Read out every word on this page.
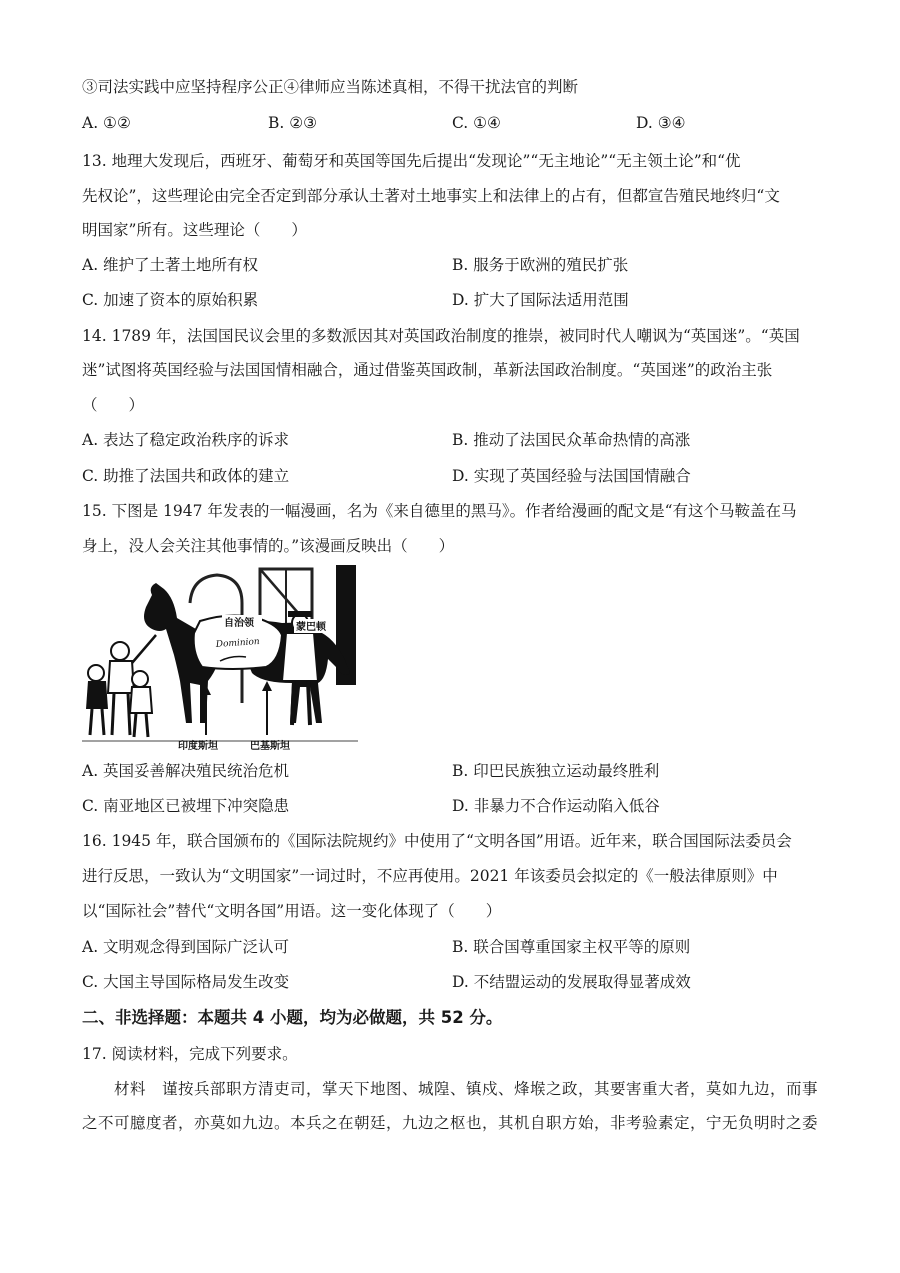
③司法实践中应坚持程序公正④律师应当陈述真相，不得干扰法官的判断
A. ①②	B. ②③	C. ①④	D. ③④
13. 地理大发现后，西班牙、葡萄牙和英国等国先后提出“发现论”“无主地论”“无主领土论”和“优
先权论”，这些理论由完全否定到部分承认土著对土地事实上和法律上的占有，但都宣告殖民地终归“文
明国家”所有。这些理论（　　）
A. 维护了土著土地所有权	B. 服务于欧洲的殖民扩张
C. 加速了资本的原始积累	D. 扩大了国际法适用范围
14. 1789 年，法国国民议会里的多数派因其对英国政治制度的推崇，被同时代人嘲讽为“英国迷”。“英国
迷”试图将英国经验与法国国情相融合，通过借鉴英国政制，革新法国政治制度。“英国迷”的政治主张
（　　）
A. 表达了稳定政治秩序的诉求	B. 推动了法国民众革命热情的高涨
C. 助推了法国共和政体的建立	D. 实现了英国经验与法国国情融合
15. 下图是 1947 年发表的一幅漫画，名为《来自德里的黑马》。作者给漫画的配文是“有这个马鞍盖在马
身上，没人会关注其他事情的。”该漫画反映出（　　）
Dominion
自治领	蒙巴顿
印度斯坦	巴基斯坦
A. 英国妥善解决殖民统治危机	B. 印巴民族独立运动最终胜利
C. 南亚地区已被埋下冲突隐患	D. 非暴力不合作运动陷入低谷
16. 1945 年，联合国颁布的《国际法院规约》中使用了“文明各国”用语。近年来，联合国国际法委员会
进行反思，一致认为“文明国家”一词过时，不应再使用。2021 年该委员会拟定的《一般法律原则》中
以“国际社会”替代“文明各国”用语。这一变化体现了（　　）
A. 文明观念得到国际广泛认可	B. 联合国尊重国家主权平等的原则
C. 大国主导国际格局发生改变	D. 不结盟运动的发展取得显著成效
二、非选择题：本题共 4 小题，均为必做题，共 52 分。
17. 阅读材料，完成下列要求。
　　材料　谨按兵部职方清吏司，掌天下地图、城隍、镇戍、烽堠之政，其要害重大者，莫如九边，而事
之不可臆度者，亦莫如九边。本兵之在朝廷，九边之枢也，其机自职方始，非考验素定，宁无负明时之委
